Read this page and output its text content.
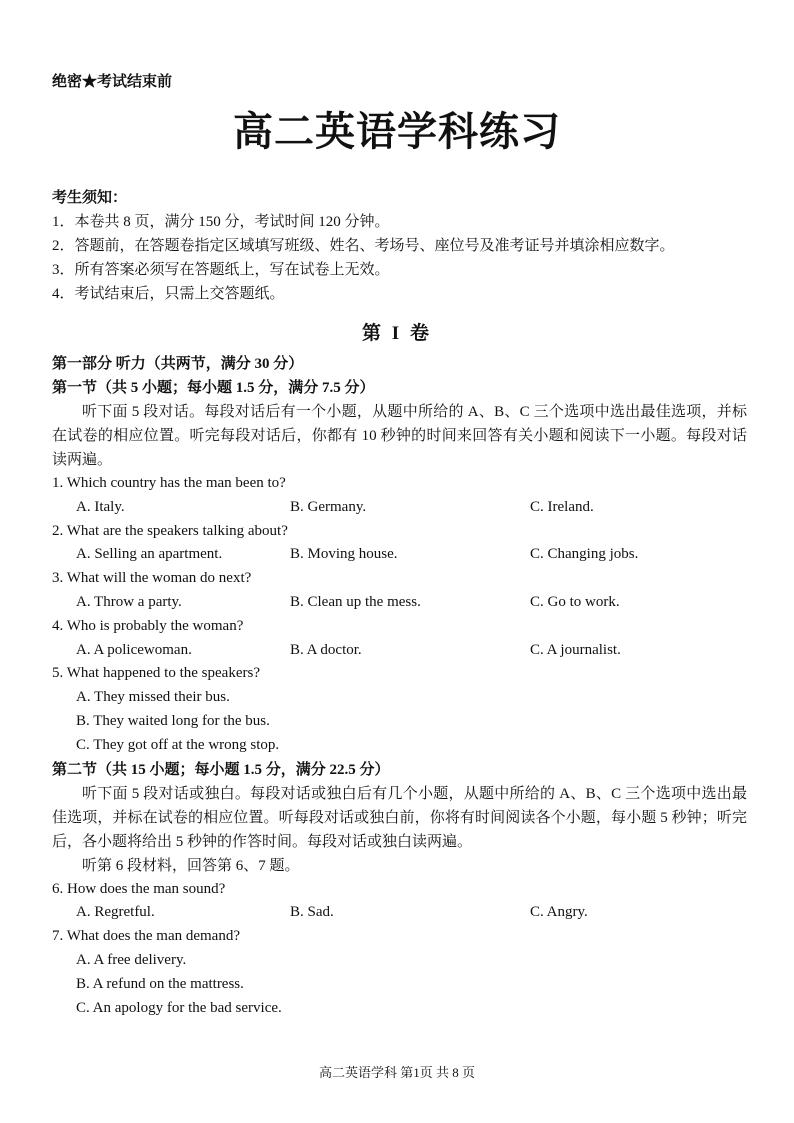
绝密★考试结束前
高二英语学科练习
考生须知：
1．本卷共 8 页，满分 150 分，考试时间 120 分钟。
2．答题前，在答题卷指定区域填写班级、姓名、考场号、座位号及准考证号并填涂相应数字。
3．所有答案必须写在答题纸上，写在试卷上无效。
4．考试结束后，只需上交答题纸。
第 I 卷
第一部分 听力（共两节，满分 30 分）
第一节（共 5 小题；每小题 1.5 分，满分 7.5 分）
听下面 5 段对话。每段对话后有一个小题，从题中所给的 A、B、C 三个选项中选出最佳选项，并标在试卷的相应位置。听完每段对话后，你都有 10 秒钟的时间来回答有关小题和阅读下一小题。每段对话读两遍。
1. Which country has the man been to?
A. Italy.	B. Germany.	C. Ireland.
2. What are the speakers talking about?
A. Selling an apartment.	B. Moving house.	C. Changing jobs.
3. What will the woman do next?
A. Throw a party.	B. Clean up the mess.	C. Go to work.
4. Who is probably the woman?
A. A policewoman.	B. A doctor.	C. A journalist.
5. What happened to the speakers?
A. They missed their bus.
B. They waited long for the bus.
C. They got off at the wrong stop.
第二节（共 15 小题；每小题 1.5 分，满分 22.5 分）
听下面 5 段对话或独白。每段对话或独白后有几个小题，从题中所给的 A、B、C 三个选项中选出最佳选项，并标在试卷的相应位置。听每段对话或独白前，你将有时间阅读各个小题，每小题 5 秒钟；听完后，各小题将给出 5 秒钟的作答时间。每段对话或独白读两遍。
听第 6 段材料，回答第 6、7 题。
6. How does the man sound?
A. Regretful.	B. Sad.	C. Angry.
7. What does the man demand?
A. A free delivery.
B. A refund on the mattress.
C. An apology for the bad service.
高二英语学科 第1页 共 8 页
